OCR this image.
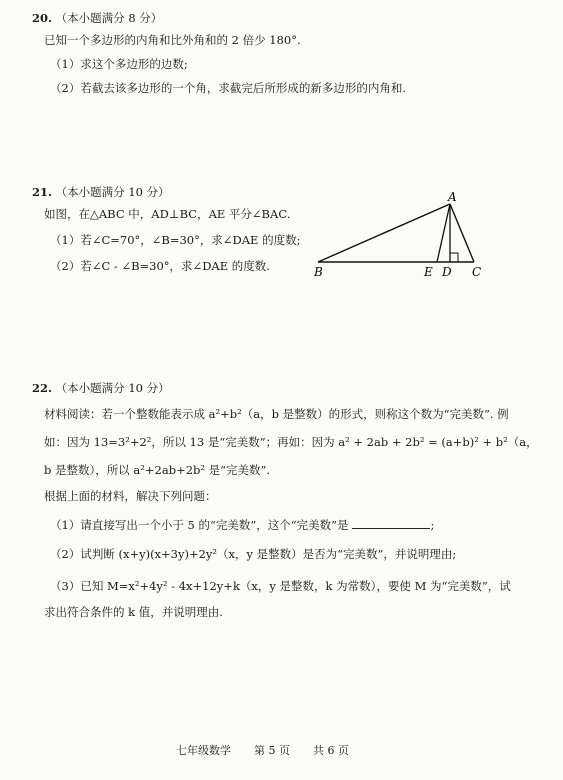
20. （本小题满分 8 分）
已知一个多边形的内角和比外角和的 2 倍少 180°.
（1）求这个多边形的边数;
（2）若截去该多边形的一个角，求截完后所形成的新多边形的内角和.
21. （本小题满分 10 分）
如图，在△ABC 中，AD⊥BC，AE 平分∠BAC.
（1）若∠C=70°，∠B=30°，求∠DAE 的度数;
（2）若∠C - ∠B=30°，求∠DAE 的度数.
A
B	E D C
22. （本小题满分 10 分）
材料阅读：若一个整数能表示成 a²+b²（a，b 是整数）的形式，则称这个数为“完美数”. 例
如：因为 13=3²+2²，所以 13 是“完美数”；再如：因为 a² + 2ab + 2b² = (a+b)² + b²（a，
b 是整数），所以 a²+2ab+2b² 是“完美数”.
根据上面的材料，解决下列问题：
（1）请直接写出一个小于 5 的“完美数”，这个“完美数”是	;
（2）试判断 (x+y)(x+3y)+2y²（x，y 是整数）是否为“完美数”，并说明理由;
（3）已知 M=x²+4y² - 4x+12y+k（x，y 是整数，k 为常数），要使 M 为“完美数”，试
求出符合条件的 k 值，并说明理由.
七年级数学 第 5 页 共 6 页
